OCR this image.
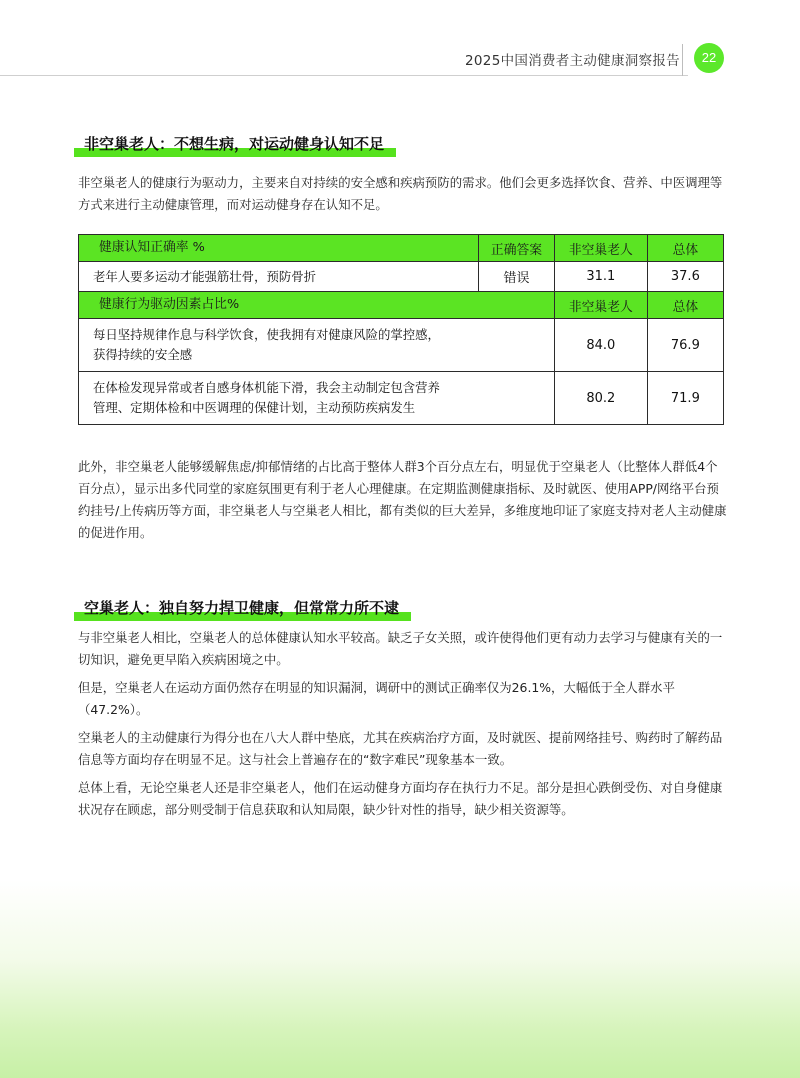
2025中国消费者主动健康洞察报告	22
非空巢老人：不想生病，对运动健身认知不足

非空巢老人的健康行为驱动力，主要来自对持续的安全感和疾病预防的需求。他们会更多选择饮食、营养、中医调理等方式来进行主动健康管理，而对运动健身存在认知不足。

健康认知正确率 %	正确答案	非空巢老人	总体
老年人要多运动才能强筋壮骨，预防骨折	错误	31.1	37.6
健康行为驱动因素占比%		非空巢老人	总体

每日坚持规律作息与科学饮食，使我拥有对健康风险的掌控感，
获得持续的安全感		84.0	76.9

在体检发现异常或者自感身体机能下滑，我会主动制定包含营养
管理、定期体检和中医调理的保健计划，主动预防疾病发生		80.2	71.9

此外，非空巢老人能够缓解焦虑/抑郁情绪的占比高于整体人群3个百分点左右，明显优于空巢老人（比整体人群低4个百分点），显示出多代同堂的家庭氛围更有利于老人心理健康。在定期监测健康指标、及时就医、使用APP/网络平台预约挂号/上传病历等方面，非空巢老人与空巢老人相比，都有类似的巨大差异，多维度地印证了家庭支持对老人主动健康的促进作用。

空巢老人：独自努力捍卫健康，但常常力所不逮

与非空巢老人相比，空巢老人的总体健康认知水平较高。缺乏子女关照，或许使得他们更有动力去学习与健康有关的一切知识，避免更早陷入疾病困境之中。

但是，空巢老人在运动方面仍然存在明显的知识漏洞，调研中的测试正确率仅为26.1%，大幅低于全人群水平（47.2%）。

空巢老人的主动健康行为得分也在八大人群中垫底，尤其在疾病治疗方面，及时就医、提前网络挂号、购药时了解药品信息等方面均存在明显不足。这与社会上普遍存在的“数字难民”现象基本一致。

总体上看，无论空巢老人还是非空巢老人，他们在运动健身方面均存在执行力不足。部分是担心跌倒受伤、对自身健康状况存在顾虑，部分则受制于信息获取和认知局限，缺少针对性的指导，缺少相关资源等。
